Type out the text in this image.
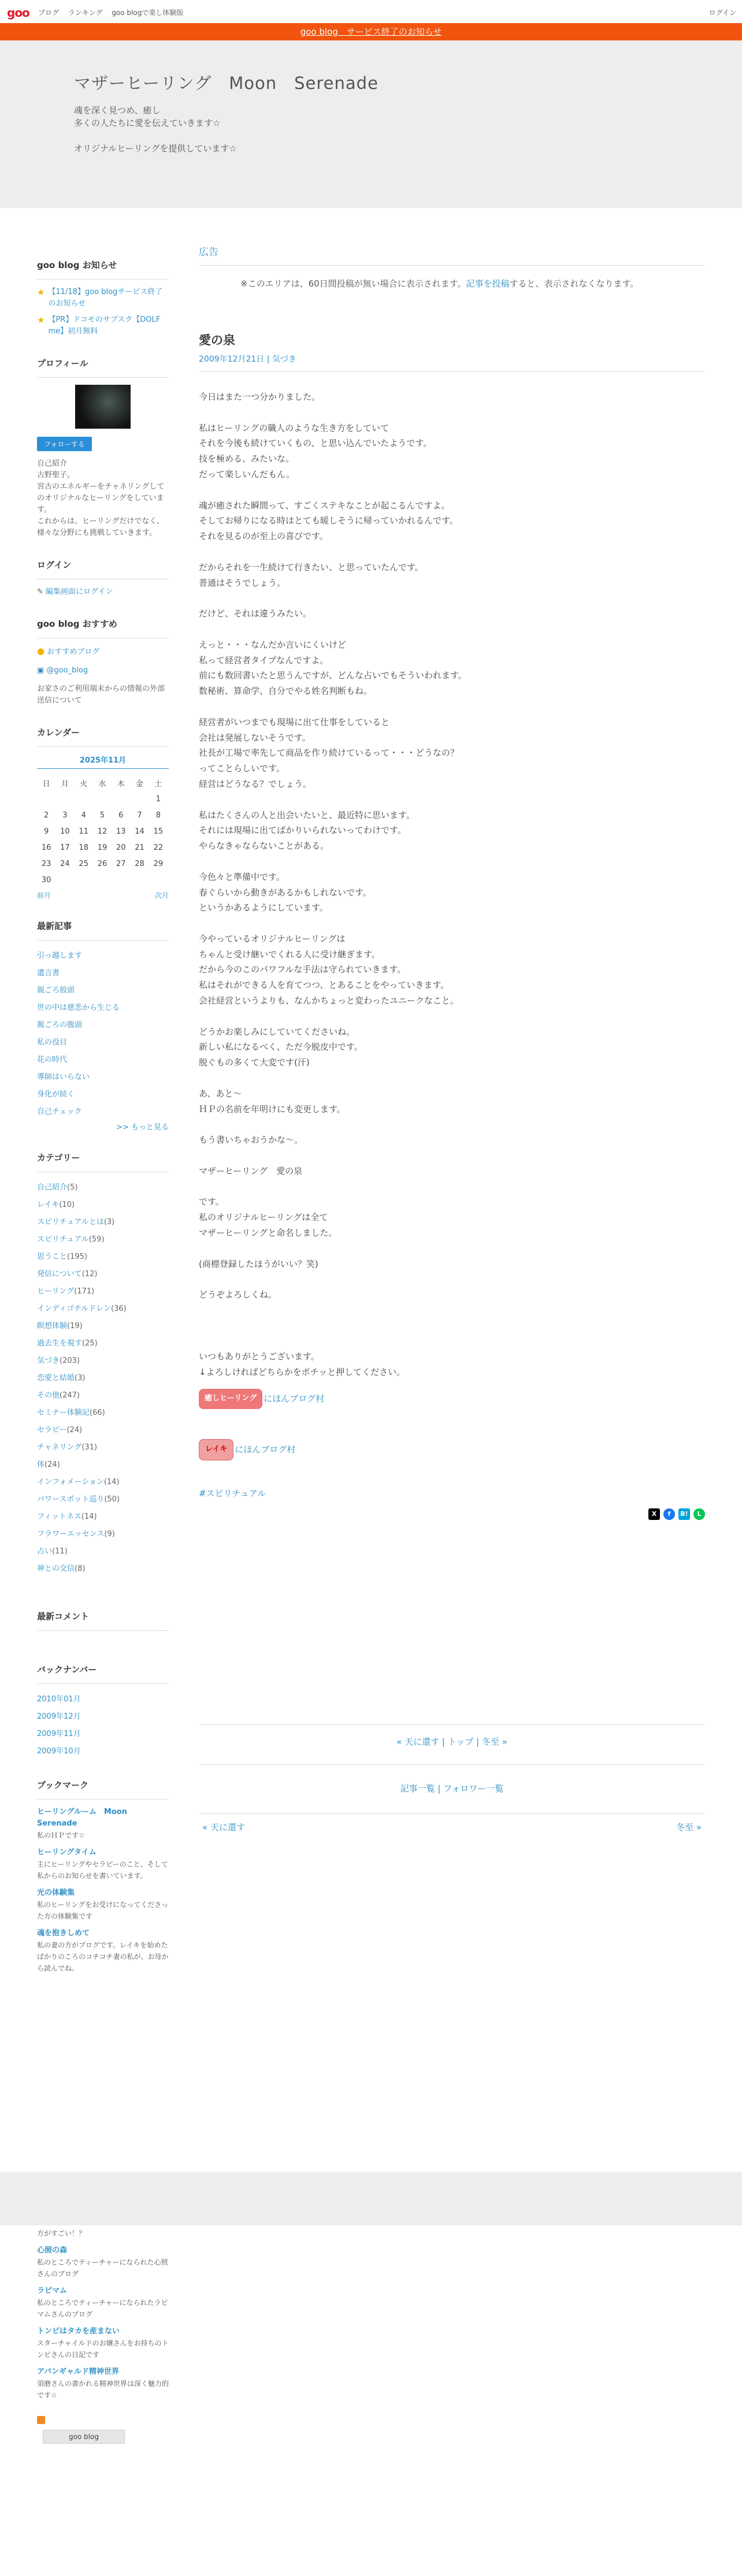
goo ブログ ランキング goo blogで楽し体験版	ログイン
goo blog　サービス終了のお知らせ
マザーヒーリング　Moon　Serenade
魂を深く見つめ、癒し
多くの人たちに愛を伝えていきます☆

オリジナルヒーリングを提供しています☆
goo blog お知らせ
★ 【11/18】goo blogサービス終了のお知らせ
★ 【PR】ドコモのサブスク【DOLF me】初月無料
プロフィール
フォローする
自己紹介
古野聖子。
宮古のエネルギーをチャネリングしてのオリジナルなヒーリングをしています。
これからは、ヒーリングだけでなく、様々な分野にも挑戦していきます。
ログイン
✎ 編集画面にログイン
goo blog おすすめ
● おすすめブログ
▣ @goo_blog
お家さのご利用端末からの情報の外部送信について
カレンダー
2025年11月
日	月	火	水	木	金	土
						1
2	3	4	5	6	7	8
9	10	11	12	13	14	15
16	17	18	19	20	21	22
23	24	25	26	27	28	29
30						
前月	次月
最新記事
引っ越します
遺言書
親ごろ般頭
世の中は慈悲から生じる
親ごろの腹頭
私の役目
花の時代
導師はいらない
身化が続く
自己チェック
>> もっと見る
カテゴリー
自己紹介(5)
レイキ(10)
スピリチュアルとは(3)
スピリチュアル(59)
思うこと(195)
発信について(12)
ヒーリング(171)
インディゴチルドレン(36)
瞑想体験(19)
過去生を視す(25)
気づき(203)
恋愛と結婚(3)
その他(247)
セミナー体験記(66)
セラピー(24)
チャネリング(31)
体(24)
インフォメーション(14)
パワースポット巡り(50)
フィットネス(14)
フラワーエッセンス(9)
占い(11)
神との交信(8)
最新コメント
バックナンバー
2010年01月
2009年12月
2009年11月
2009年10月
ブックマーク
ヒーリングルーム　Moon Serenade
私のＨＰです☆
ヒーリングタイム
主にヒーリングやセラピーのこと、そして私からのお知らせを書いています。
光の体験集
私のヒーリングをお受けになってくださった方の体験集です
魂を抱きしめて
私の妻の方がブログです。レイキを始めたばかりのころのコチコチ妻の私が、お母から読んでね。
方がすごい！？
心照の森
私のところでティーチャーになられた心照さんのブログ
ラピマム
私のところでティーチャーになられたラピマムさんのブログ
トンビはタカを産まない
スターチャイルドのお嬢さんをお持ちのトンビさんの日記です
アバンギャルド精神世界
須磨さんの書かれる精神世界は深く魅力的です☆
goo blog
広告
※このエリアは、60日間投稿が無い場合に表示されます。記事を投稿すると、表示されなくなります。
愛の泉
2009年12月21日 | 気づき
今日はまた一つ分かりました。
私はヒーリングの職人のような生き方をしていて
それを今後も続けていくもの、と思い込んでいたようです。
技を極める、みたいな。
だって楽しいんだもん。
魂が癒された瞬間って、すごくステキなことが起こるんですよ。
そしてお帰りになる時はとても暖しそうに帰っていかれるんです。
それを見るのが至上の喜びです。
だからそれを一生続けて行きたい、と思っていたんです。
普通はそうでしょう。
だけど、それは違うみたい。
えっと・・・なんだか言いにくいけど
私って経営者タイプなんですよ。
前にも数回書いたと思うんですが、どんな占いでもそういわれます。
数秘術、算命学、自分でやる姓名判断もね。
経営者がいつまでも現場に出て仕事をしていると
会社は発展しないそうです。
社長が工場で率先して商品を作り続けているって・・・どうなの？
ってことらしいです。
経営はどうなる？でしょう。
私はたくさんの人と出会いたいと、最近特に思います。
それには現場に出てばかりいられないってわけです。
やらなきゃならないことがある。
今色々と準備中です。
春ぐらいから動きがあるかもしれないです。
というかあるようにしています。
今やっているオリジナルヒーリングは
ちゃんと受け継いでくれる人に受け継ぎます。
だから今のこのパワフルな手法は守られていきます。
私はそれができる人を育てつつ、とあることをやっていきます。
会社経営というよりも、なんかちょっと変わったユニークなこと。
どうかお楽しみにしていてくださいね。
新しい私になるべく、ただ今脱皮中です。
脱ぐもの多くて大変です(汗)
あ、あと～
ＨＰの名前を年明けにも変更します。
もう書いちゃおうかな～。
マザーヒーリング　愛の泉
です。
私のオリジナルヒーリングは全て
マザーヒーリングと命名しました。
(商標登録したほうがいい？笑)
どうぞよろしくね。
いつもありがとうございます。
↓よろしければどちらかをポチッと押してください。
癒しヒーリング にほんブログ村
レイキ にほんブログ村
#スピリチュアル
X	f	B!	L
« 天に還す | トップ | 冬至 »
記事一覧 | フォロワー一覧
« 天に還す	冬至 »
